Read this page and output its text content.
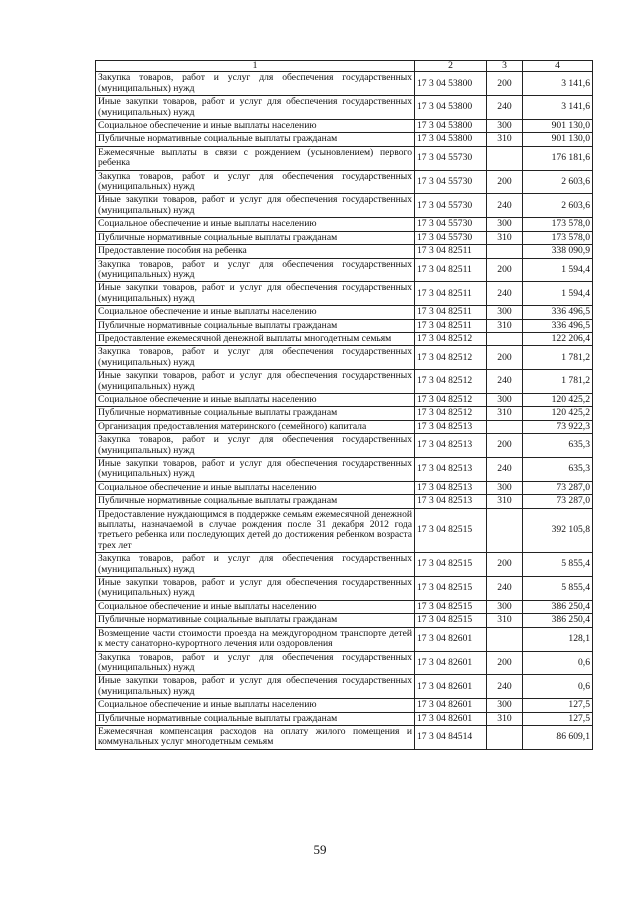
1	2	3	4
Закупка товаров, работ и услуг для обеспечения государственных (муниципальных) нужд	17 3 04 53800	200	3 141,6
Иные закупки товаров, работ и услуг для обеспечения государственных (муниципальных) нужд	17 3 04 53800	240	3 141,6
Социальное обеспечение и иные выплаты населению	17 3 04 53800	300	901 130,0
Публичные нормативные социальные выплаты гражданам	17 3 04 53800	310	901 130,0
Ежемесячные выплаты в связи с рождением (усыновлением) первого ребенка	17 3 04 55730		176 181,6
Закупка товаров, работ и услуг для обеспечения государственных (муниципальных) нужд	17 3 04 55730	200	2 603,6
Иные закупки товаров, работ и услуг для обеспечения государственных (муниципальных) нужд	17 3 04 55730	240	2 603,6
Социальное обеспечение и иные выплаты населению	17 3 04 55730	300	173 578,0
Публичные нормативные социальные выплаты гражданам	17 3 04 55730	310	173 578,0
Предоставление пособия на ребенка	17 3 04 82511		338 090,9
Закупка товаров, работ и услуг для обеспечения государственных (муниципальных) нужд	17 3 04 82511	200	1 594,4
Иные закупки товаров, работ и услуг для обеспечения государственных (муниципальных) нужд	17 3 04 82511	240	1 594,4
Социальное обеспечение и иные выплаты населению	17 3 04 82511	300	336 496,5
Публичные нормативные социальные выплаты гражданам	17 3 04 82511	310	336 496,5
Предоставление ежемесячной денежной выплаты многодетным семьям	17 3 04 82512		122 206,4
Закупка товаров, работ и услуг для обеспечения государственных (муниципальных) нужд	17 3 04 82512	200	1 781,2
Иные закупки товаров, работ и услуг для обеспечения государственных (муниципальных) нужд	17 3 04 82512	240	1 781,2
Социальное обеспечение и иные выплаты населению	17 3 04 82512	300	120 425,2
Публичные нормативные социальные выплаты гражданам	17 3 04 82512	310	120 425,2
Организация предоставления материнского (семейного) капитала	17 3 04 82513		73 922,3
Закупка товаров, работ и услуг для обеспечения государственных (муниципальных) нужд	17 3 04 82513	200	635,3
Иные закупки товаров, работ и услуг для обеспечения государственных (муниципальных) нужд	17 3 04 82513	240	635,3
Социальное обеспечение и иные выплаты населению	17 3 04 82513	300	73 287,0
Публичные нормативные социальные выплаты гражданам	17 3 04 82513	310	73 287,0
Предоставление нуждающимся в поддержке семьям ежемесячной денежной выплаты, назначаемой в случае рождения после 31 декабря 2012 года третьего ребенка или последующих детей до достижения ребенком возраста трех лет	17 3 04 82515		392 105,8
Закупка товаров, работ и услуг для обеспечения государственных (муниципальных) нужд	17 3 04 82515	200	5 855,4
Иные закупки товаров, работ и услуг для обеспечения государственных (муниципальных) нужд	17 3 04 82515	240	5 855,4
Социальное обеспечение и иные выплаты населению	17 3 04 82515	300	386 250,4
Публичные нормативные социальные выплаты гражданам	17 3 04 82515	310	386 250,4
Возмещение части стоимости проезда на междугородном транспорте детей к месту санаторно-курортного лечения или оздоровления	17 3 04 82601		128,1
Закупка товаров, работ и услуг для обеспечения государственных (муниципальных) нужд	17 3 04 82601	200	0,6
Иные закупки товаров, работ и услуг для обеспечения государственных (муниципальных) нужд	17 3 04 82601	240	0,6
Социальное обеспечение и иные выплаты населению	17 3 04 82601	300	127,5
Публичные нормативные социальные выплаты гражданам	17 3 04 82601	310	127,5
Ежемесячная компенсация расходов на оплату жилого помещения и коммунальных услуг многодетным семьям	17 3 04 84514		86 609,1
59
